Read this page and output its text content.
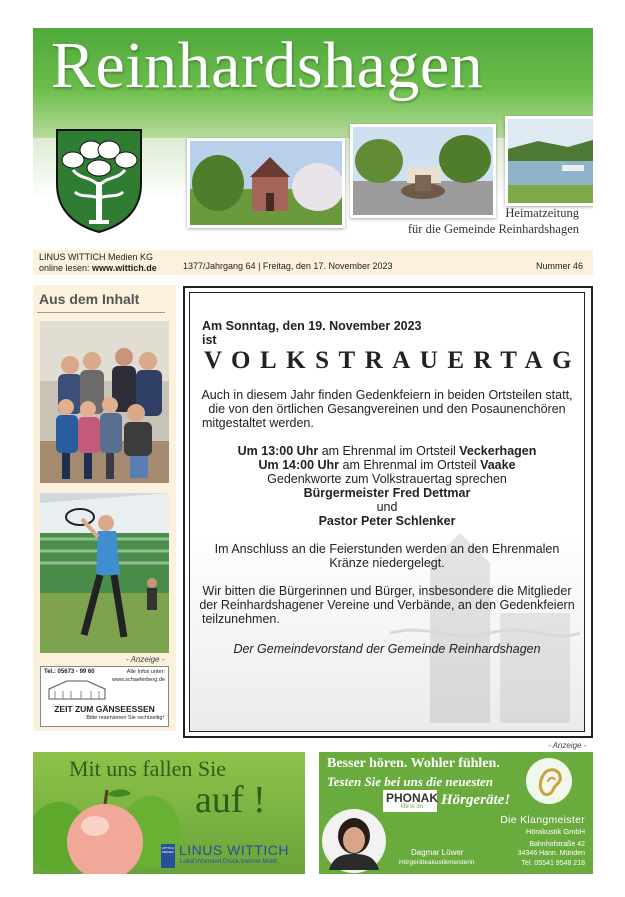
Reinhardshagen
Heimatzeitung
für die Gemeinde Reinhardshagen
LINUS WITTICH Medien KG
online lesen: www.wittich.de	1377/Jahrgang 64 | Freitag, den 17. November 2023	Nummer 46
Aus dem Inhalt
- Anzeige -
Tel.: 05673 - 99 60	Alle Infos unter:
www.schaeferberg.de
ZEIT ZUM GÄNSEESSEN
Bitte reservieren Sie rechtzeitig!
Am Sonntag, den 19. November 2023
ist
VOLKSTRAUERTAG
Auch in diesem Jahr finden Gedenkfeiern in beiden Ortsteilen statt,
die von den örtlichen Gesangvereinen und den Posaunenchören
mitgestaltet werden.
Um 13:00 Uhr am Ehrenmal im Ortsteil Veckerhagen
Um 14:00 Uhr am Ehrenmal im Ortsteil Vaake
Gedenkworte zum Volkstrauertag sprechen
Bürgermeister Fred Dettmar
und
Pastor Peter Schlenker
Im Anschluss an die Feierstunden werden an den Ehrenmalen
Kränze niedergelegt.
Wir bitten die Bürgerinnen und Bürger, insbesondere die Mitglieder
der Reinhardshagener Vereine und Verbände, an den Gedenkfeiern
teilzunehmen.
Der Gemeindevorstand der Gemeinde Reinhardshagen
- Anzeige -
Mit uns fallen Sie
auf !
WITTICH MEDIEN LINUS WITTICH
Lokal.Informiert.Druck.Internet.Mobil.
Besser hören. Wohler fühlen.
Testen Sie bei uns die neuesten
PHONAK
life is on Hörgeräte!
Die Klangmeister
Hörakustik GmbH
Bahnhofstraße 42
34346 Hann. Münden
Tel. 05541 9548 218
Dagmar Löwer
Hörgeräteakustikmeisterin
